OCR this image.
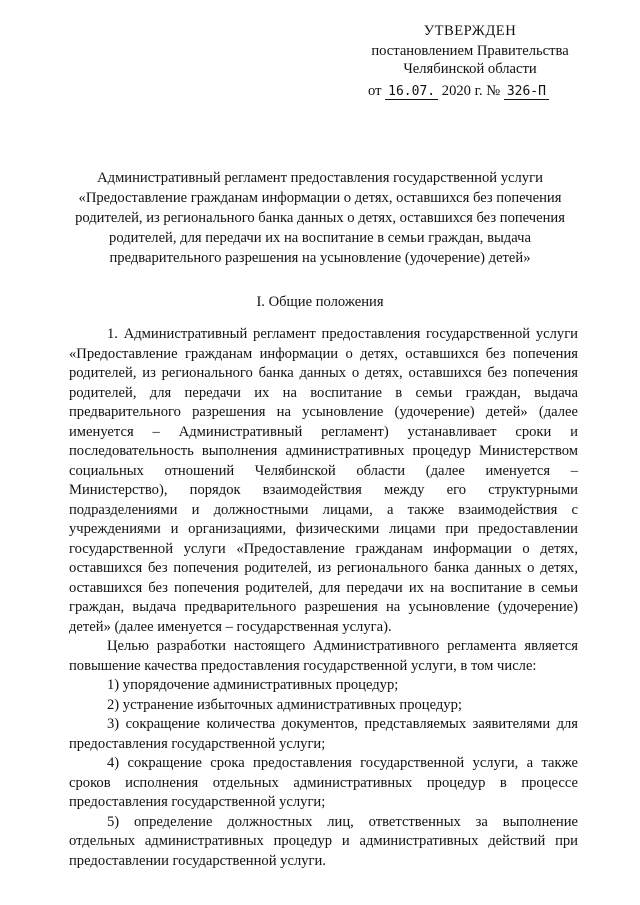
УТВЕРЖДЕН
постановлением Правительства
Челябинской области
от 16.07. 2020 г. № 326-П
Административный регламент предоставления государственной услуги
«Предоставление гражданам информации о детях, оставшихся без попечения
родителей, из регионального банка данных о детях, оставшихся без попечения
родителей, для передачи их на воспитание в семьи граждан, выдача
предварительного разрешения на усыновление (удочерение) детей»
I. Общие положения

1. Административный регламент предоставления государственной услуги «Предоставление гражданам информации о детях, оставшихся без попечения родителей, из регионального банка данных о детях, оставшихся без попечения родителей, для передачи их на воспитание в семьи граждан, выдача предварительного разрешения на усыновление (удочерение) детей» (далее именуется – Административный регламент) устанавливает сроки и последовательность выполнения административных процедур Министерством социальных отношений Челябинской области (далее именуется – Министерство), порядок взаимодействия между его структурными подразделениями и должностными лицами, а также взаимодействия с учреждениями и организациями, физическими лицами при предоставлении государственной услуги «Предоставление гражданам информации о детях, оставшихся без попечения родителей, из регионального банка данных о детях, оставшихся без попечения родителей, для передачи их на воспитание в семьи граждан, выдача предварительного разрешения на усыновление (удочерение) детей» (далее именуется – государственная услуга).

Целью разработки настоящего Административного регламента является повышение качества предоставления государственной услуги, в том числе:

1) упорядочение административных процедур;

2) устранение избыточных административных процедур;

3) сокращение количества документов, представляемых заявителями для предоставления государственной услуги;

4) сокращение срока предоставления государственной услуги, а также сроков исполнения отдельных административных процедур в процессе предоставления государственной услуги;

5) определение должностных лиц, ответственных за выполнение отдельных административных процедур и административных действий при предоставлении государственной услуги.
